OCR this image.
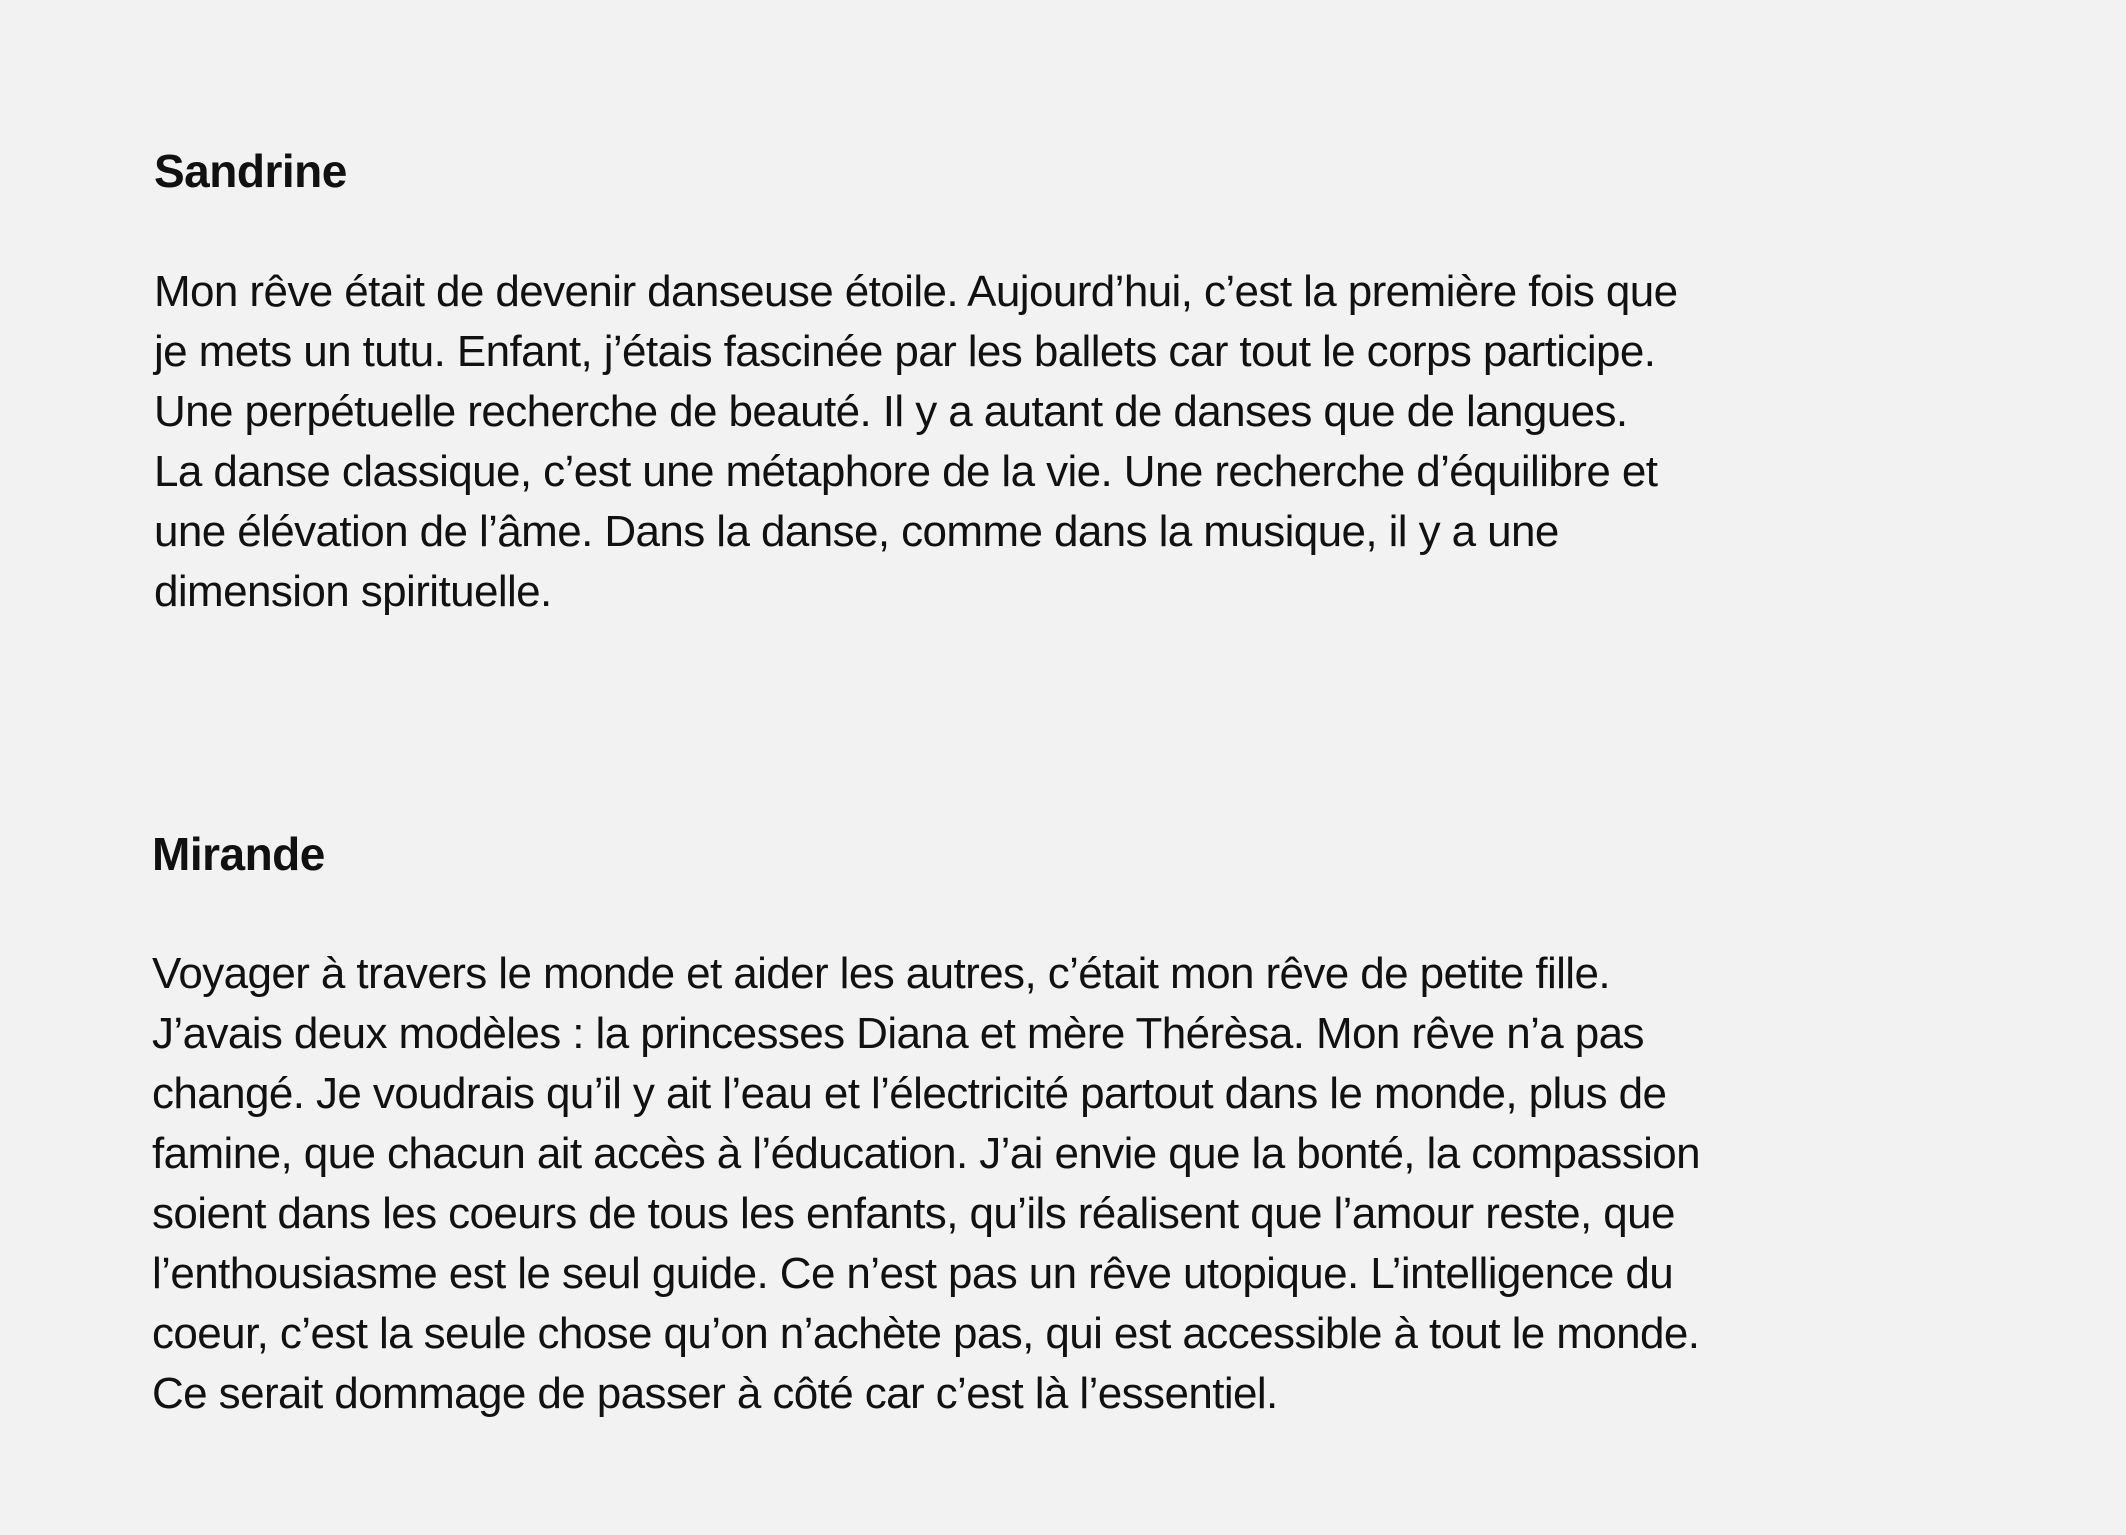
Sandrine

Mon rêve était de devenir danseuse étoile. Aujourd’hui, c’est la première fois que

je mets un tutu. Enfant, j’étais fascinée par les ballets car tout le corps participe.

Une perpétuelle recherche de beauté. Il y a autant de danses que de langues.

La danse classique, c’est une métaphore de la vie. Une recherche d’équilibre et

une élévation de l’âme. Dans la danse, comme dans la musique, il y a une

dimension spirituelle.

Mirande

Voyager à travers le monde et aider les autres, c’était mon rêve de petite fille.

J’avais deux modèles : la princesses Diana et mère Thérèsa. Mon rêve n’a pas

changé. Je voudrais qu’il y ait l’eau et l’électricité partout dans le monde, plus de

famine, que chacun ait accès à l’éducation. J’ai envie que la bonté, la compassion

soient dans les coeurs de tous les enfants, qu’ils réalisent que l’amour reste, que

l’enthousiasme est le seul guide. Ce n’est pas un rêve utopique. L’intelligence du

coeur, c’est la seule chose qu’on n’achète pas, qui est accessible à tout le monde.

Ce serait dommage de passer à côté car c’est là l’essentiel.
